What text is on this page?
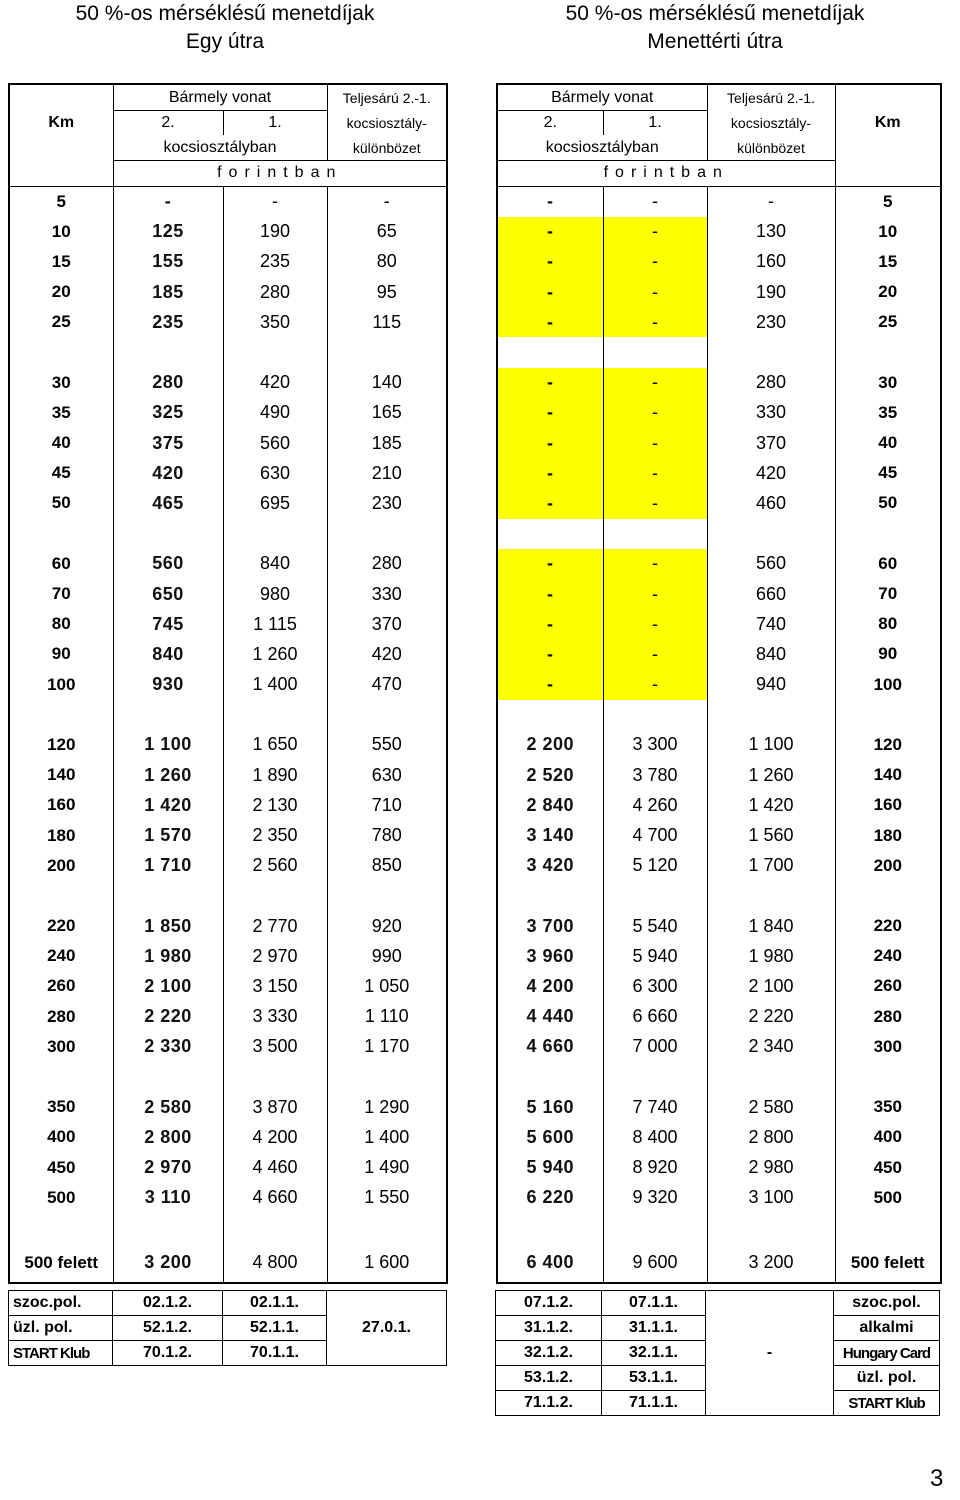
50 %-os mérséklésű menetdíjak
Egy útra
50 %-os mérséklésű menetdíjak
Menettérti útra
Km	Bármely vonat		Teljesárú 2.-1.		Bármely vonat		Teljesárú 2.-1.	Km
	2.	1.	kocsiosztály-		2.	1.	kocsiosztály-	
	kocsiosztályban		különbözet		kocsiosztályban		különbözet	
	forintban				forintban			
5	-	-	-		-	-	-	5
10	125	190	65		-	-	130	10
15	155	235	80		-	-	160	15
20	185	280	95		-	-	190	20
25	235	350	115		-	-	230	25

30	280	420	140		-	-	280	30
35	325	490	165		-	-	330	35
40	375	560	185		-	-	370	40
45	420	630	210		-	-	420	45
50	465	695	230		-	-	460	50

60	560	840	280		-	-	560	60
70	650	980	330		-	-	660	70
80	745	1 115	370		-	-	740	80
90	840	1 260	420		-	-	840	90
100	930	1 400	470		-	-	940	100

120	1 100	1 650	550		2 200	3 300	1 100	120
140	1 260	1 890	630		2 520	3 780	1 260	140
160	1 420	2 130	710		2 840	4 260	1 420	160
180	1 570	2 350	780		3 140	4 700	1 560	180
200	1 710	2 560	850		3 420	5 120	1 700	200

220	1 850	2 770	920		3 700	5 540	1 840	220
240	1 980	2 970	990		3 960	5 940	1 980	240
260	2 100	3 150	1 050		4 200	6 300	2 100	260
280	2 220	3 330	1 110		4 440	6 660	2 220	280
300	2 330	3 500	1 170		4 660	7 000	2 340	300

350	2 580	3 870	1 290		5 160	7 740	2 580	350
400	2 800	4 200	1 400		5 600	8 400	2 800	400
450	2 970	4 460	1 490		5 940	8 920	2 980	450
500	3 110	4 660	1 550		6 220	9 320	3 100	500

500 felett	3 200	4 800	1 600		6 400	9 600	3 200	500 felett
szoc.pol.	02.1.2.	02.1.1.	27.0.1.
üzl. pol.	52.1.2.	52.1.1.	
START Klub	70.1.2.	70.1.1.	
07.1.2.	07.1.1.	-	szoc.pol.
31.1.2.	31.1.1.		alkalmi
32.1.2.	32.1.1.		Hungary Card
53.1.2.	53.1.1.		üzl. pol.
71.1.2.	71.1.1.		START Klub
3
